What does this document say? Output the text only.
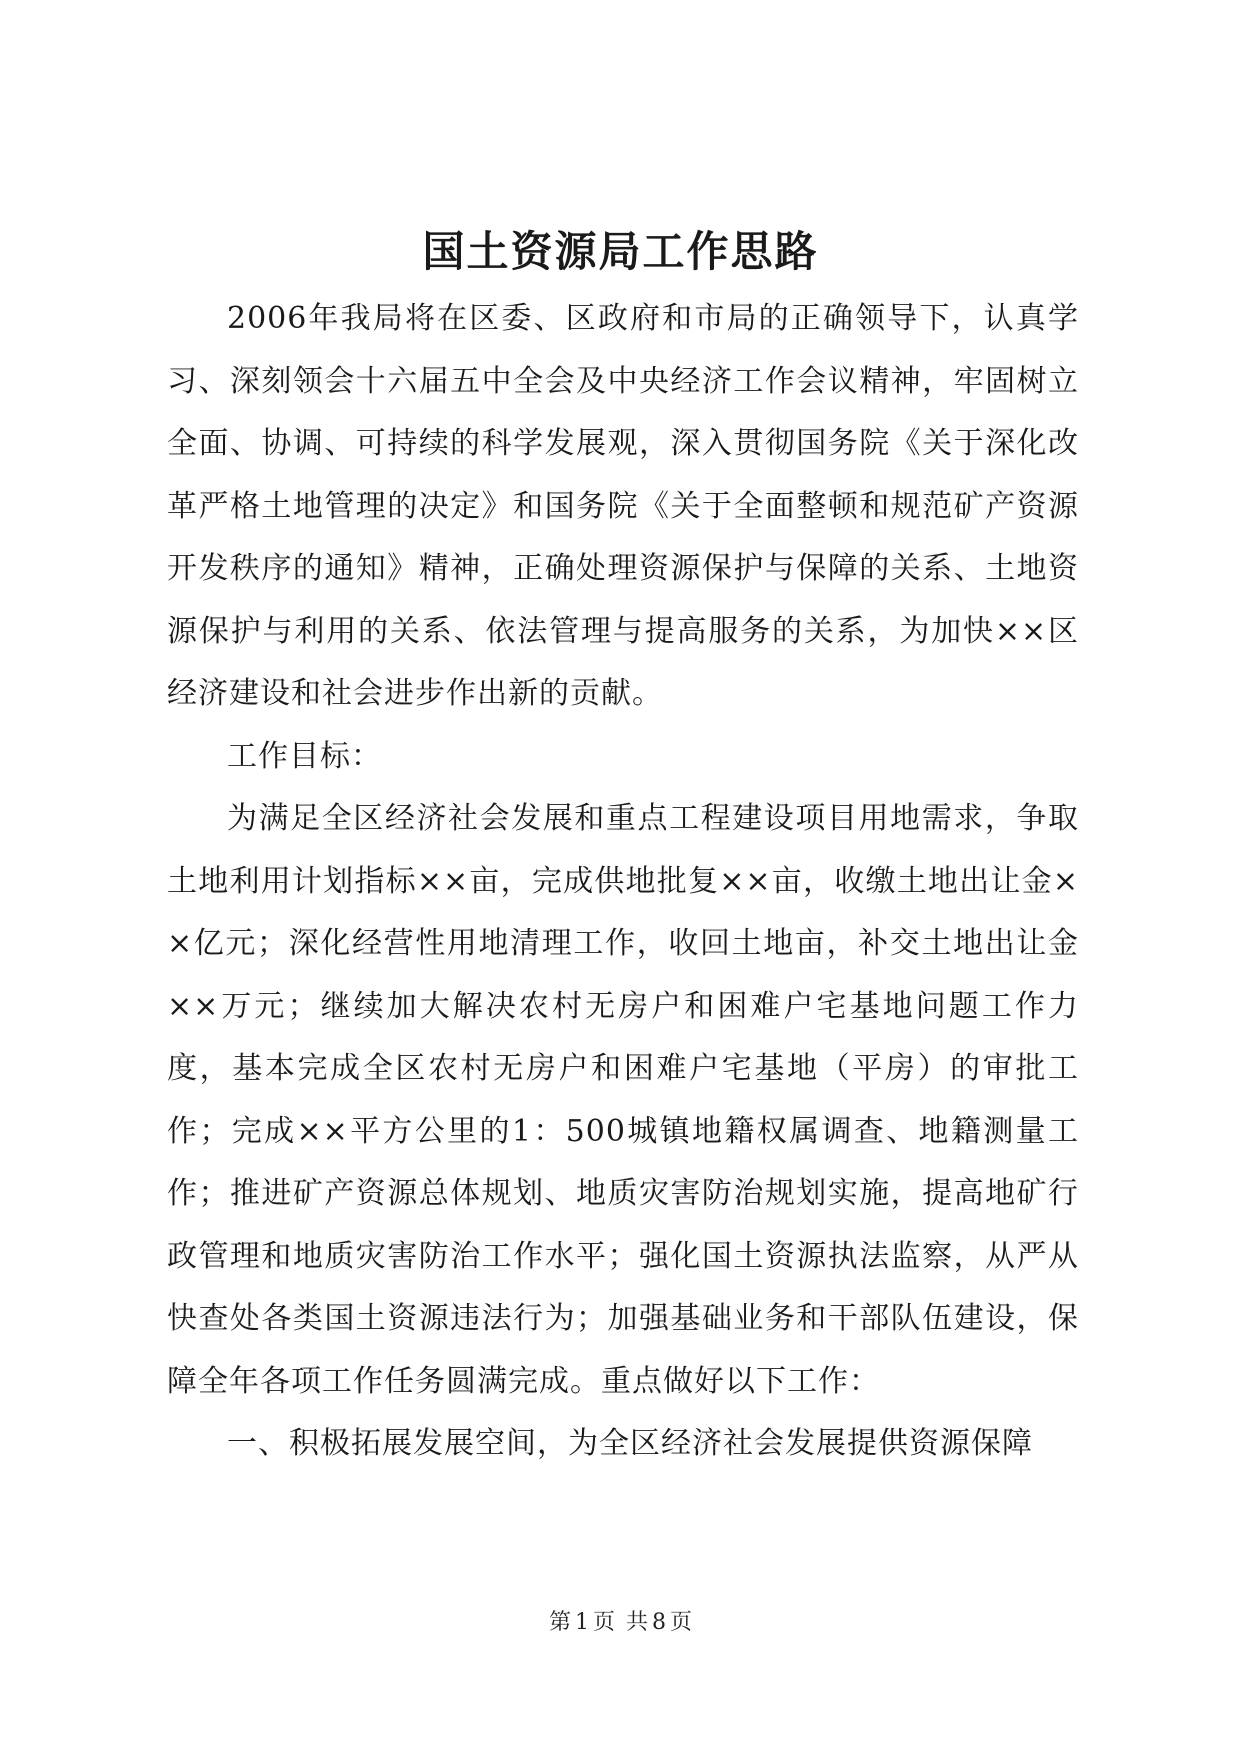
国土资源局工作思路

2006年我局将在区委、区政府和市局的正确领导下，认真学习、深刻领会十六届五中全会及中央经济工作会议精神，牢固树立全面、协调、可持续的科学发展观，深入贯彻国务院《关于深化改革严格土地管理的决定》和国务院《关于全面整顿和规范矿产资源开发秩序的通知》精神，正确处理资源保护与保障的关系、土地资源保护与利用的关系、依法管理与提高服务的关系，为加快××区经济建设和社会进步作出新的贡献。

工作目标：

为满足全区经济社会发展和重点工程建设项目用地需求，争取土地利用计划指标××亩，完成供地批复××亩，收缴土地出让金××亿元；深化经营性用地清理工作，收回土地亩，补交土地出让金××万元；继续加大解决农村无房户和困难户宅基地问题工作力度，基本完成全区农村无房户和困难户宅基地（平房）的审批工作；完成××平方公里的1：500城镇地籍权属调查、地籍测量工作；推进矿产资源总体规划、地质灾害防治规划实施，提高地矿行政管理和地质灾害防治工作水平；强化国土资源执法监察，从严从快查处各类国土资源违法行为；加强基础业务和干部队伍建设，保障全年各项工作任务圆满完成。重点做好以下工作：

一、积极拓展发展空间，为全区经济社会发展提供资源保障

第 1 页 共 8 页
